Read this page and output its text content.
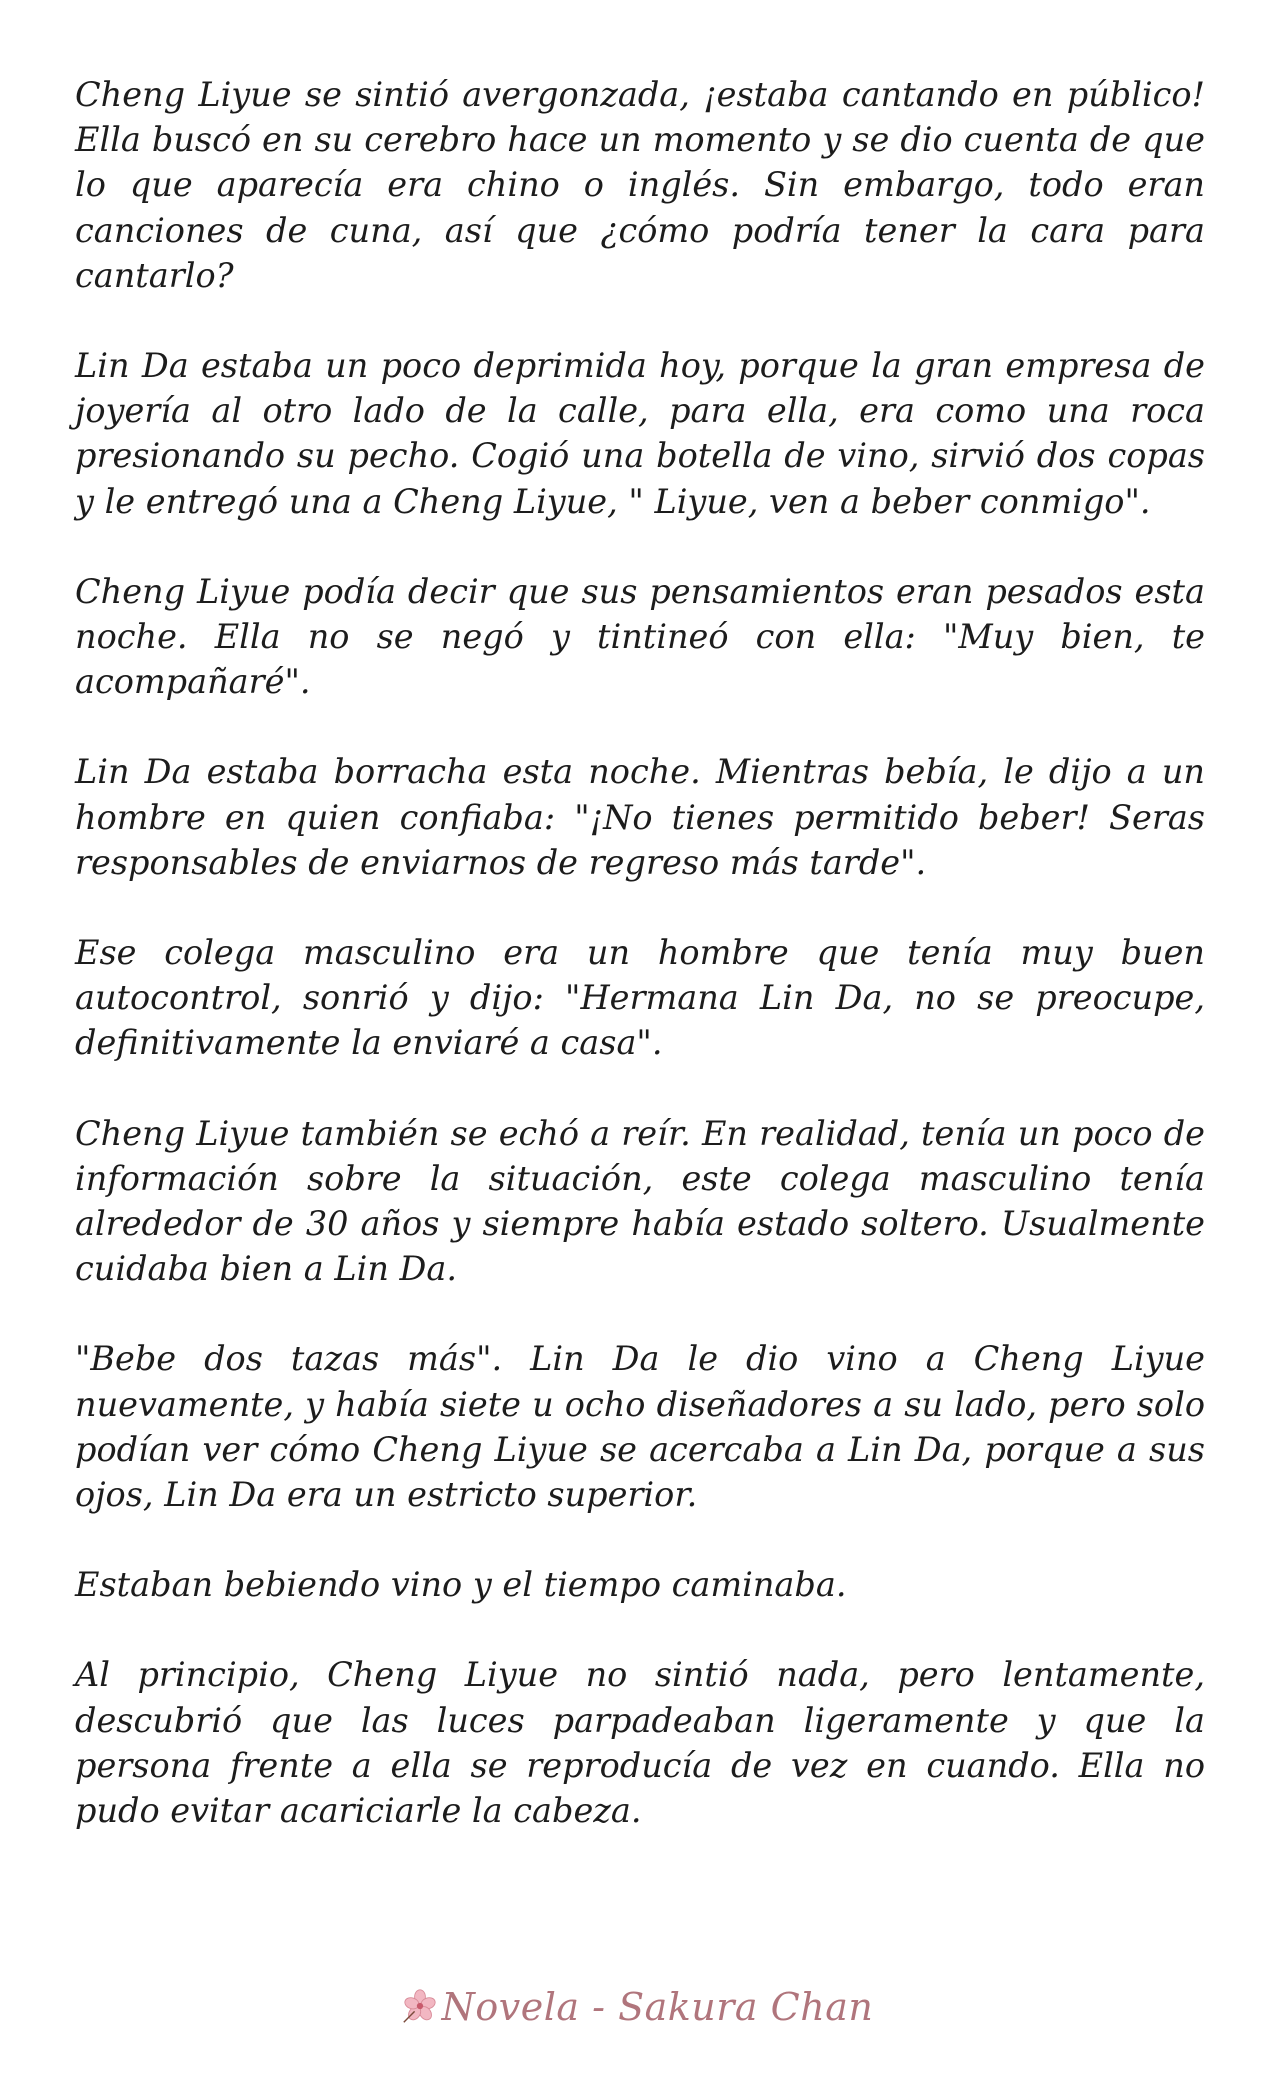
Cheng Liyue se sintió avergonzada, ¡estaba cantando en público! Ella buscó en su cerebro hace un momento y se dio cuenta de que lo que aparecía era chino o inglés. Sin embargo, todo eran canciones de cuna, así que ¿cómo podría tener la cara para cantarlo?

Lin Da estaba un poco deprimida hoy, porque la gran empresa de joyería al otro lado de la calle, para ella, era como una roca presionando su pecho. Cogió una botella de vino, sirvió dos copas y le entregó una a Cheng Liyue, " Liyue, ven a beber conmigo".

Cheng Liyue podía decir que sus pensamientos eran pesados esta noche. Ella no se negó y tintineó con ella: "Muy bien, te acompañaré".

Lin Da estaba borracha esta noche. Mientras bebía, le dijo a un hombre en quien confiaba: "¡No tienes permitido beber! Seras responsables de enviarnos de regreso más tarde".

Ese colega masculino era un hombre que tenía muy buen autocontrol, sonrió y dijo: "Hermana Lin Da, no se preocupe, definitivamente la enviaré a casa".

Cheng Liyue también se echó a reír. En realidad, tenía un poco de información sobre la situación, este colega masculino tenía alrededor de 30 años y siempre había estado soltero. Usualmente cuidaba bien a Lin Da.

"Bebe dos tazas más". Lin Da le dio vino a Cheng Liyue nuevamente, y había siete u ocho diseñadores a su lado, pero solo podían ver cómo Cheng Liyue se acercaba a Lin Da, porque a sus ojos, Lin Da era un estricto superior.

Estaban bebiendo vino y el tiempo caminaba.

Al principio, Cheng Liyue no sintió nada, pero lentamente, descubrió que las luces parpadeaban ligeramente y que la persona frente a ella se reproducía de vez en cuando. Ella no pudo evitar acariciarle la cabeza.

Novela - Sakura Chan
